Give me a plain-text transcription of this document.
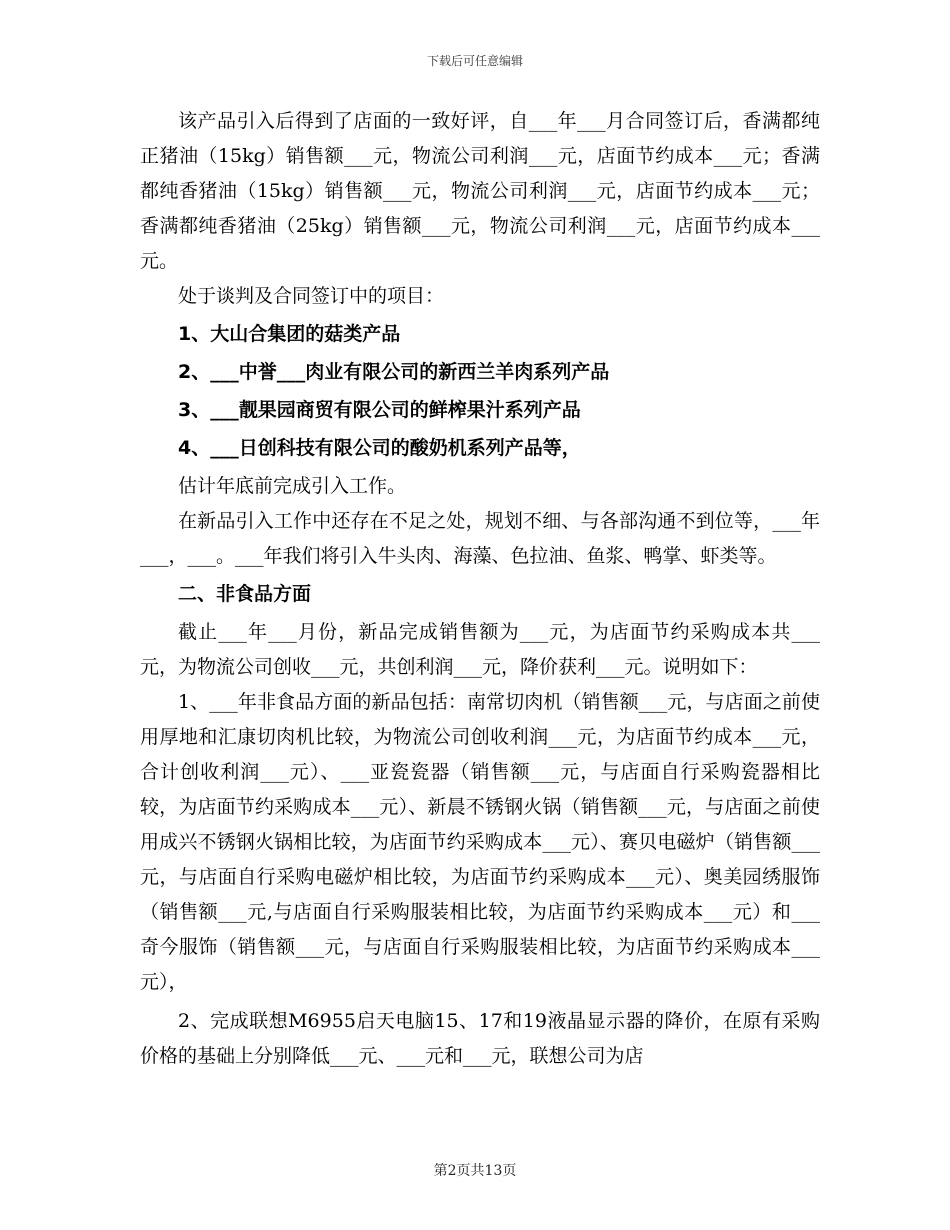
下载后可任意编辑

该产品引入后得到了店面的一致好评，自___年___月合同签订后，香满都纯正猪油（15kg）销售额___元，物流公司利润___元，店面节约成本___元；香满都纯香猪油（15kg）销售额___元，物流公司利润___元，店面节约成本___元；香满都纯香猪油（25kg）销售额___元，物流公司利润___元，店面节约成本___元。

处于谈判及合同签订中的项目：

1、大山合集团的菇类产品

2、___中誉___肉业有限公司的新西兰羊肉系列产品

3、___靓果园商贸有限公司的鲜榨果汁系列产品

4、___日创科技有限公司的酸奶机系列产品等，

估计年底前完成引入工作。

在新品引入工作中还存在不足之处，规划不细、与各部沟通不到位等，___年___，___。___年我们将引入牛头肉、海藻、色拉油、鱼浆、鸭掌、虾类等。

二、非食品方面

截止___年___月份，新品完成销售额为___元，为店面节约采购成本共___元，为物流公司创收___元，共创利润___元，降价获利___元。说明如下：

1、___年非食品方面的新品包括：南常切肉机（销售额___元，与店面之前使用厚地和汇康切肉机比较，为物流公司创收利润___元，为店面节约成本___元，合计创收利润___元）、___亚瓷瓷器（销售额___元，与店面自行采购瓷器相比较，为店面节约采购成本___元）、新晨不锈钢火锅（销售额___元，与店面之前使用成兴不锈钢火锅相比较，为店面节约采购成本___元）、赛贝电磁炉（销售额___元，与店面自行采购电磁炉相比较，为店面节约采购成本___元）、奥美园绣服饰（销售额___元,与店面自行采购服装相比较，为店面节约采购成本___元）和___奇今服饰（销售额___元，与店面自行采购服装相比较，为店面节约采购成本___元），

2、完成联想M6955启天电脑15、17和19液晶显示器的降价，在原有采购价格的基础上分别降低___元、___元和___元，联想公司为店

第2页共13页
